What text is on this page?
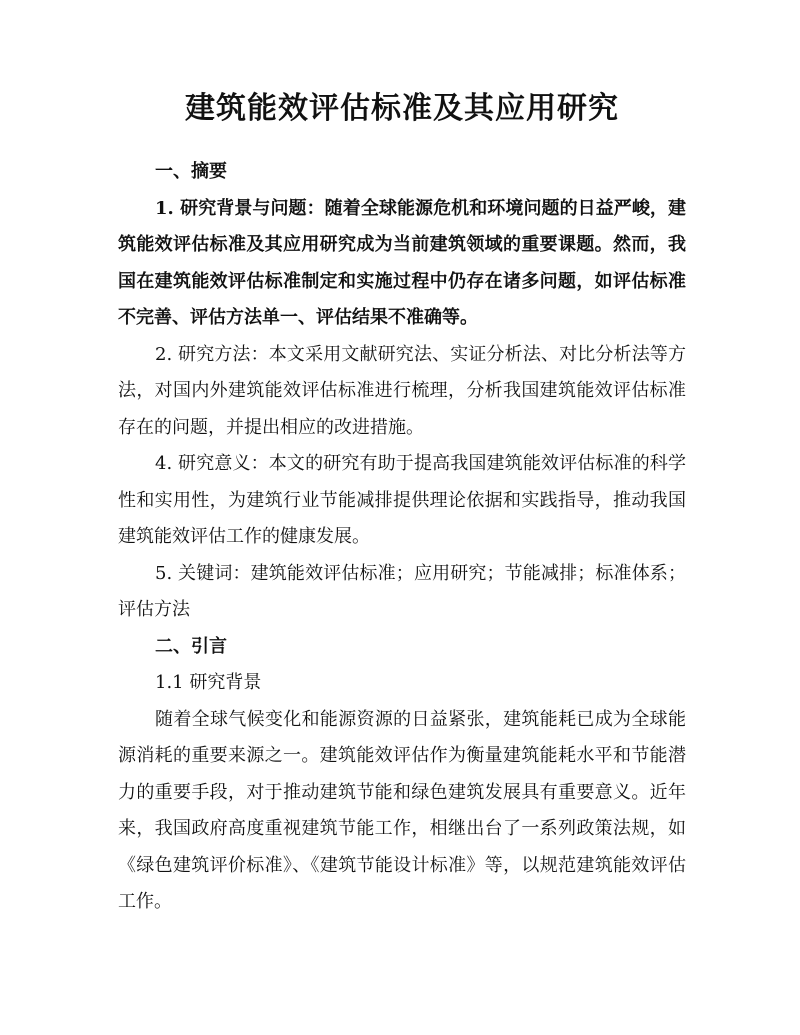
建筑能效评估标准及其应用研究

一、摘要

1. 研究背景与问题：随着全球能源危机和环境问题的日益严峻，建筑能效评估标准及其应用研究成为当前建筑领域的重要课题。然而，我国在建筑能效评估标准制定和实施过程中仍存在诸多问题，如评估标准不完善、评估方法单一、评估结果不准确等。

2. 研究方法：本文采用文献研究法、实证分析法、对比分析法等方法，对国内外建筑能效评估标准进行梳理，分析我国建筑能效评估标准存在的问题，并提出相应的改进措施。

4. 研究意义：本文的研究有助于提高我国建筑能效评估标准的科学性和实用性，为建筑行业节能减排提供理论依据和实践指导，推动我国建筑能效评估工作的健康发展。

5. 关键词：建筑能效评估标准；应用研究；节能减排；标准体系；评估方法

二、引言

1.1 研究背景

随着全球气候变化和能源资源的日益紧张，建筑能耗已成为全球能源消耗的重要来源之一。建筑能效评估作为衡量建筑能耗水平和节能潜力的重要手段，对于推动建筑节能和绿色建筑发展具有重要意义。近年来，我国政府高度重视建筑节能工作，相继出台了一系列政策法规，如《绿色建筑评价标准》、《建筑节能设计标准》等，以规范建筑能效评估工作。
